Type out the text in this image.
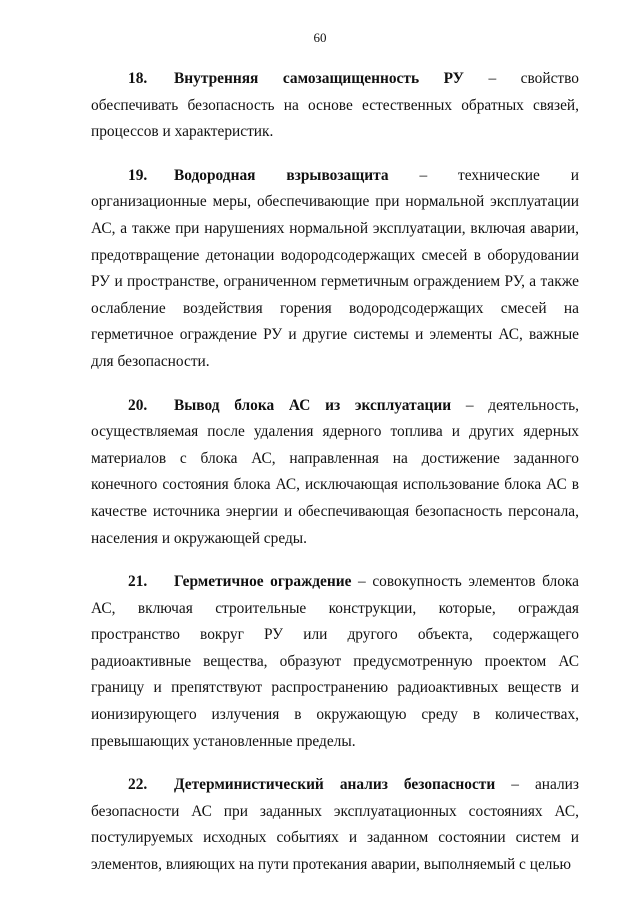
60

18. Внутренняя самозащищенность РУ – свойство обеспечивать безопасность на основе естественных обратных связей, процессов и характеристик.

19. Водородная взрывозащита – технические и организационные меры, обеспечивающие при нормальной эксплуатации АС, а также при нарушениях нормальной эксплуатации, включая аварии, предотвращение детонации водородсодержащих смесей в оборудовании РУ и пространстве, ограниченном герметичным ограждением РУ, а также ослабление воздействия горения водородсодержащих смесей на герметичное ограждение РУ и другие системы и элементы АС, важные для безопасности.

20. Вывод блока АС из эксплуатации – деятельность, осуществляемая после удаления ядерного топлива и других ядерных материалов с блока АС, направленная на достижение заданного конечного состояния блока АС, исключающая использование блока АС в качестве источника энергии и обеспечивающая безопасность персонала, населения и окружающей среды.

21. Герметичное ограждение – совокупность элементов блока АС, включая строительные конструкции, которые, ограждая пространство вокруг РУ или другого объекта, содержащего радиоактивные вещества, образуют предусмотренную проектом АС границу и препятствуют распространению радиоактивных веществ и ионизирующего излучения в окружающую среду в количествах, превышающих установленные пределы.

22. Детерминистический анализ безопасности – анализ безопасности АС при заданных эксплуатационных состояниях АС, постулируемых исходных событиях и заданном состоянии систем и элементов, влияющих на пути протекания аварии, выполняемый с целью
